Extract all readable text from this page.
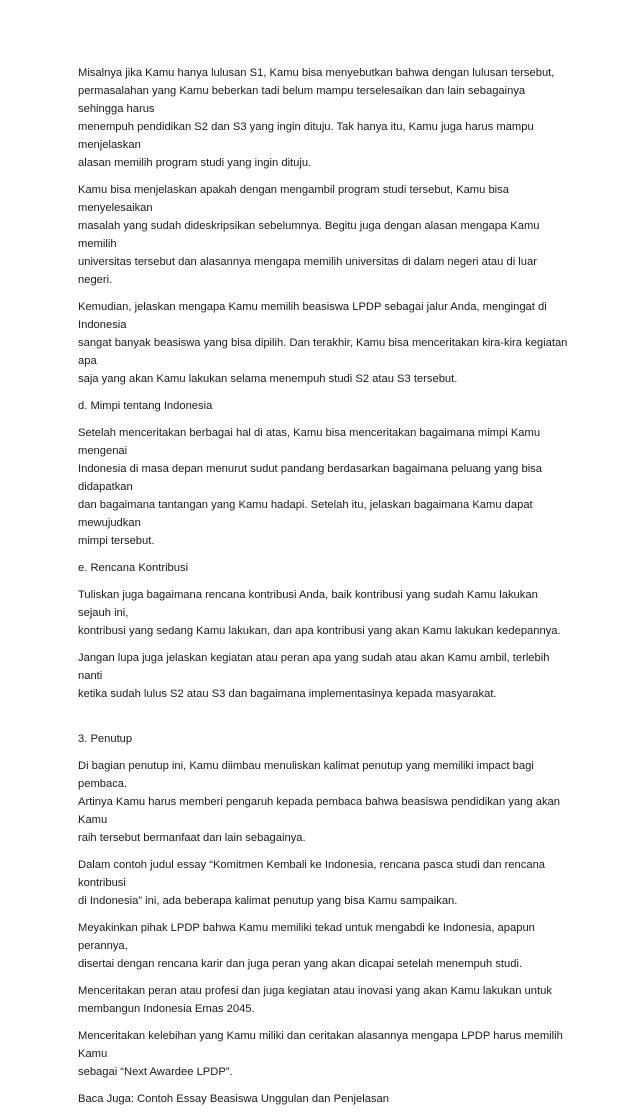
Misalnya jika Kamu hanya lulusan S1, Kamu bisa menyebutkan bahwa dengan lulusan tersebut,
permasalahan yang Kamu beberkan tadi belum mampu terselesaikan dan lain sebagainya sehingga harus
menempuh pendidikan S2 dan S3 yang ingin dituju. Tak hanya itu, Kamu juga harus mampu menjelaskan
alasan memilih program studi yang ingin dituju.

Kamu bisa menjelaskan apakah dengan mengambil program studi tersebut, Kamu bisa menyelesaikan
masalah yang sudah dideskripsikan sebelumnya. Begitu juga dengan alasan mengapa Kamu memilih
universitas tersebut dan alasannya mengapa memilih universitas di dalam negeri atau di luar negeri.

Kemudian, jelaskan mengapa Kamu memilih beasiswa LPDP sebagai jalur Anda, mengingat di Indonesia
sangat banyak beasiswa yang bisa dipilih. Dan terakhir, Kamu bisa menceritakan kira-kira kegiatan apa
saja yang akan Kamu lakukan selama menempuh studi S2 atau S3 tersebut.

d. Mimpi tentang Indonesia

Setelah menceritakan berbagai hal di atas, Kamu bisa menceritakan bagaimana mimpi Kamu mengenai
Indonesia di masa depan menurut sudut pandang berdasarkan bagaimana peluang yang bisa didapatkan
dan bagaimana tantangan yang Kamu hadapi. Setelah itu, jelaskan bagaimana Kamu dapat mewujudkan
mimpi tersebut.

e. Rencana Kontribusi

Tuliskan juga bagaimana rencana kontribusi Anda, baik kontribusi yang sudah Kamu lakukan sejauh ini,
kontribusi yang sedang Kamu lakukan, dan apa kontribusi yang akan Kamu lakukan kedepannya.

Jangan lupa juga jelaskan kegiatan atau peran apa yang sudah atau akan Kamu ambil, terlebih nanti
ketika sudah lulus S2 atau S3 dan bagaimana implementasinya kepada masyarakat.

3. Penutup

Di bagian penutup ini, Kamu diimbau menuliskan kalimat penutup yang memiliki impact bagi pembaca.
Artinya Kamu harus memberi pengaruh kepada pembaca bahwa beasiswa pendidikan yang akan Kamu
raih tersebut bermanfaat dan lain sebagainya.

Dalam contoh judul essay “Komitmen Kembali ke Indonesia, rencana pasca studi dan rencana kontribusi
di Indonesia” ini, ada beberapa kalimat penutup yang bisa Kamu sampaikan.

Meyakinkan pihak LPDP bahwa Kamu memiliki tekad untuk mengabdi ke Indonesia, apapun perannya,
disertai dengan rencana karir dan juga peran yang akan dicapai setelah menempuh studi.

Menceritakan peran atau profesi dan juga kegiatan atau inovasi yang akan Kamu lakukan untuk
membangun Indonesia Emas 2045.

Menceritakan kelebihan yang Kamu miliki dan ceritakan alasannya mengapa LPDP harus memilih Kamu
sebagai “Next Awardee LPDP”.

Baca Juga: Contoh Essay Beasiswa Unggulan dan Penjelasan
